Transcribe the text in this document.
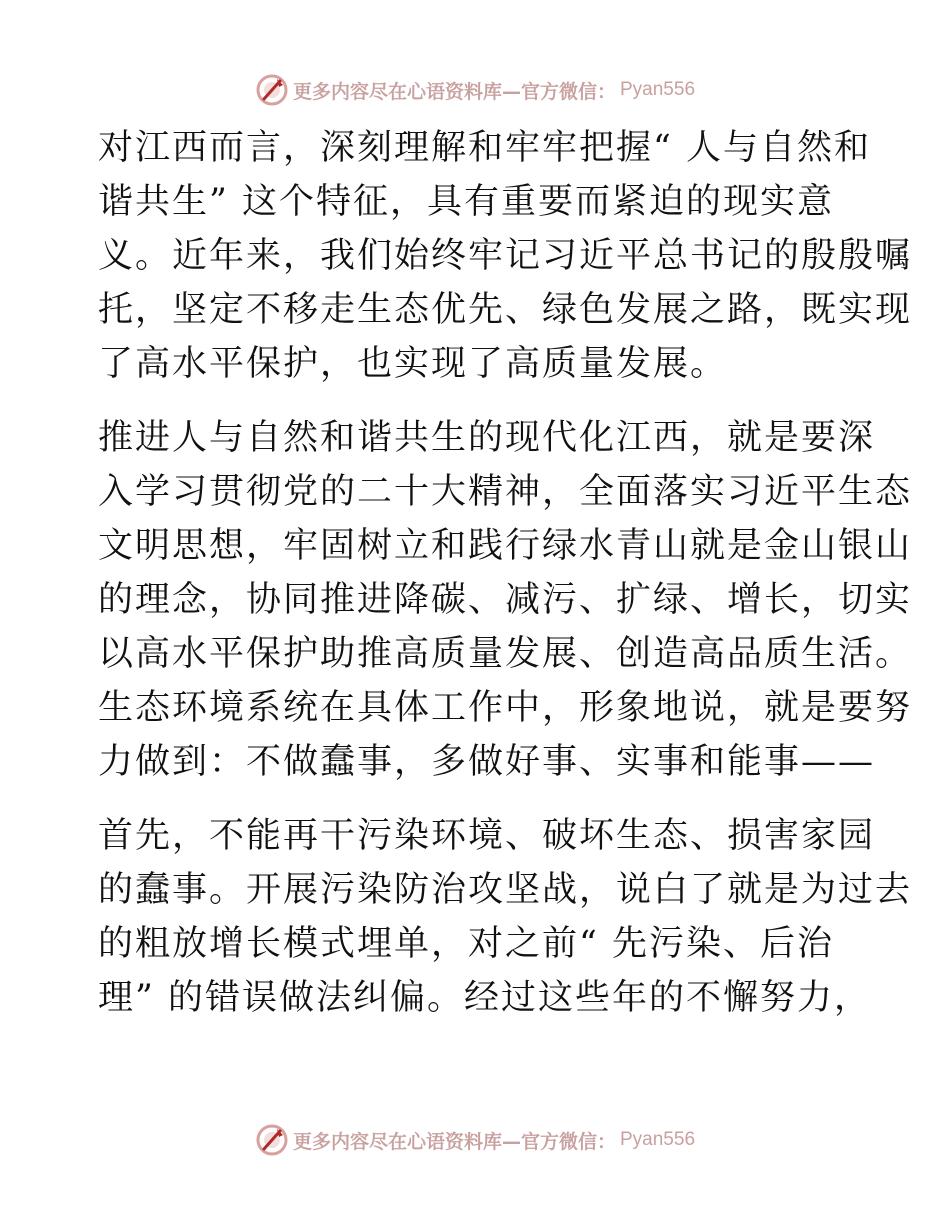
更多内容尽在心语资料库—官方微信： Pyan556
对江西而言，深刻理解和牢牢把握“ 人与自然和
谐共生” 这个特征，具有重要而紧迫的现实意
义。近年来，我们始终牢记习近平总书记的殷殷嘱
托，坚定不移走生态优先、绿色发展之路，既实现
了高水平保护，也实现了高质量发展。
推进人与自然和谐共生的现代化江西，就是要深
入学习贯彻党的二十大精神，全面落实习近平生态
文明思想，牢固树立和践行绿水青山就是金山银山
的理念，协同推进降碳、减污、扩绿、增长，切实
以高水平保护助推高质量发展、创造高品质生活。
生态环境系统在具体工作中，形象地说，就是要努
力做到：不做蠢事，多做好事、实事和能事——
首先，不能再干污染环境、破坏生态、损害家园
的蠢事。开展污染防治攻坚战，说白了就是为过去
的粗放增长模式埋单，对之前“ 先污染、后治
理” 的错误做法纠偏。经过这些年的不懈努力，
更多内容尽在心语资料库—官方微信： Pyan556
